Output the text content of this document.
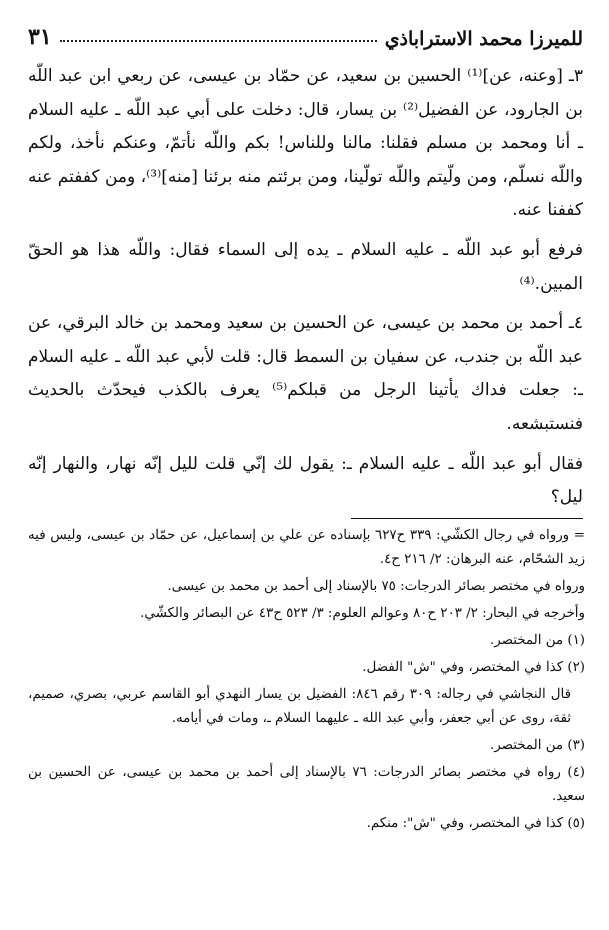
للميرزا محمد الاستراباذي
٣١

٣ـ [وعنه، عن]⁽¹⁾ الحسين بن سعيد، عن حمّاد بن عيسى، عن ربعي ابن عبد اللّه بن الجارود، عن الفضيل⁽²⁾ بن يسار، قال: دخلت على أبي عبد اللّه ـ عليه السلام ـ أنا ومحمد بن مسلم فقلنا: مالنا وللناس! بكم واللّه نأتمّ، وعنكم نأخذ، ولكم واللّه نسلّم، ومن ولّيتم واللّه تولّينا، ومن برئتم منه برئنا [منه]⁽³⁾، ومن كففتم عنه كففنا عنه.

فرفع أبو عبد اللّه ـ عليه السلام ـ يده إلى السماء فقال: واللّه هذا هو الحقّ المبين.⁽⁴⁾

٤ـ أحمد بن محمد بن عيسى، عن الحسين بن سعيد ومحمد بن خالد البرقي، عن عبد اللّه بن جندب، عن سفيان بن السمط قال: قلت لأبي عبد اللّه ـ عليه السلام ـ: جعلت فداك يأتينا الرجل من قبلكم⁽⁵⁾ يعرف بالكذب فيحدّث بالحديث فنستبشعه.

فقال أبو عبد اللّه ـ عليه السلام ـ: يقول لك إنّي قلت لليل إنّه نهار، والنهار إنّه ليل؟

= ورواه في رجال الكشّي: ٣٣٩ ح٦٢٧ بإسناده عن علي بن إسماعيل، عن حمّاد بن عيسى، وليس فيه زيد الشحّام، عنه البرهان: ٢/ ٢١٦ ح٤.

ورواه في مختصر بصائر الدرجات: ٧٥ بالإسناد إلى أحمد بن محمد بن عيسى.

وأخرجه في البحار: ٢/ ٢٠٣ ح٨٠ وعوالم العلوم: ٣/ ٥٢٣ ح٤٣ عن البصائر والكشّي.

(١) من المختصر.

(٢) كذا في المختصر، وفي "ش" الفضل.

قال النجاشي في رجاله: ٣٠٩ رقم ٨٤٦: الفضيل بن يسار النهدي أبو القاسم عربي، بصري، صميم، ثقة، روى عن أبي جعفر، وأبي عبد الله ـ عليهما السلام ـ، ومات في أيامه.

(٣) من المختصر.

(٤) رواه في مختصر بصائر الدرجات: ٧٦ بالإسناد إلى أحمد بن محمد بن عيسى، عن الحسين بن سعيد.

(٥) كذا في المختصر، وفي "ش": منكم.
